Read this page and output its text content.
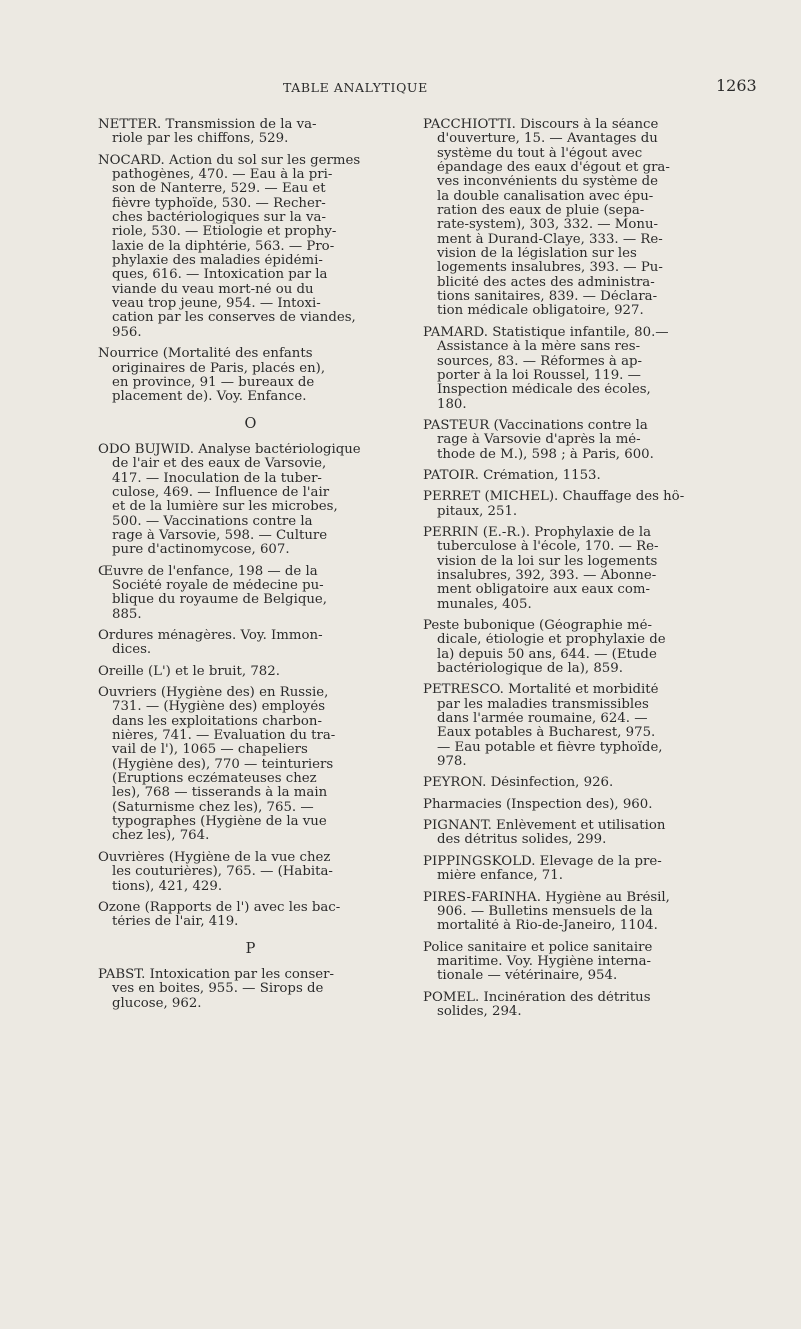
TABLE ANALYTIQUE	1263
NETTER. Transmission de la va-
riole par les chiffons, 529.
NOCARD. Action du sol sur les germes
pathogènes, 470. — Eau à la pri-
son de Nanterre, 529. — Eau et
fièvre typhoïde, 530. — Recher-
ches bactériologiques sur la va-
riole, 530. — Etiologie et prophy-
laxie de la diphtérie, 563. — Pro-
phylaxie des maladies épidémi-
ques, 616. — Intoxication par la
viande du veau mort-né ou du
veau trop jeune, 954. — Intoxi-
cation par les conserves de viandes,
956.
Nourrice (Mortalité des enfants
originaires de Paris, placés en),
en province, 91 — bureaux de
placement de). Voy. Enfance.
O
ODO BUJWID. Analyse bactériologique
de l'air et des eaux de Varsovie,
417. — Inoculation de la tuber-
culose, 469. — Influence de l'air
et de la lumière sur les microbes,
500. — Vaccinations contre la
rage à Varsovie, 598. — Culture
pure d'actinomycose, 607.
Œuvre de l'enfance, 198 — de la
Société royale de médecine pu-
blique du royaume de Belgique,
885.
Ordures ménagères. Voy. Immon-
dices.
Oreille (L') et le bruit, 782.
Ouvriers (Hygiène des) en Russie,
731. — (Hygiène des) employés
dans les exploitations charbon-
nières, 741. — Évaluation du tra-
vail de l'), 1065 — chapeliers
(Hygiène des), 770 — teinturiers
(Eruptions eczémateuses chez
les), 768 — tisserands à la main
(Saturnisme chez les), 765. —
typographes (Hygiène de la vue
chez les), 764.
Ouvrières (Hygiène de la vue chez
les couturières), 765. — (Habita-
tions), 421, 429.
Ozone (Rapports de l') avec les bac-
téries de l'air, 419.
P
PABST. Intoxication par les conser-
ves en boites, 955. — Sirops de
glucose, 962.
PACCHIOTTI. Discours à la séance
d'ouverture, 15. — Avantages du
système du tout à l'égout avec
épandage des eaux d'égout et gra-
ves inconvénients du système de
la double canalisation avec épu-
ration des eaux de pluie (sepa-
rate-system), 303, 332. — Monu-
ment à Durand-Claye, 333. — Re-
vision de la législation sur les
logements insalubres, 393. — Pu-
blicité des actes des administra-
tions sanitaires, 839. — Déclara-
tion médicale obligatoire, 927.
PAMARD. Statistique infantile, 80.—
Assistance à la mère sans res-
sources, 83. — Réformes à ap-
porter à la loi Roussel, 119. —
Inspection médicale des écoles,
180.
PASTEUR (Vaccinations contre la
rage à Varsovie d'après la mé-
thode de M.), 598 ; à Paris, 600.
PATOIR. Crémation, 1153.
PERRET (MICHEL). Chauffage des hô-
pitaux, 251.
PERRIN (E.-R.). Prophylaxie de la
tuberculose à l'école, 170. — Re-
vision de la loi sur les logements
insalubres, 392, 393. — Abonne-
ment obligatoire aux eaux com-
munales, 405.
Peste bubonique (Géographie mé-
dicale, étiologie et prophylaxie de
la) depuis 50 ans, 644. — (Etude
bactériologique de la), 859.
PETRESCO. Mortalité et morbidité
par les maladies transmissibles
dans l'armée roumaine, 624. —
Eaux potables à Bucharest, 975.
— Eau potable et fièvre typhoïde,
978.
PEYRON. Désinfection, 926.
Pharmacies (Inspection des), 960.
PIGNANT. Enlèvement et utilisation
des détritus solides, 299.
PIPPINGSKÖLD. Elevage de la pre-
mière enfance, 71.
PIRÈS-FARINHA. Hygiène au Brésil,
906. — Bulletins mensuels de la
mortalité à Rio-de-Janeiro, 1104.
Police sanitaire et police sanitaire
maritime. Voy. Hygiène interna-
tionale — vétérinaire, 954.
POMEL. Incinération des détritus
solides, 294.
